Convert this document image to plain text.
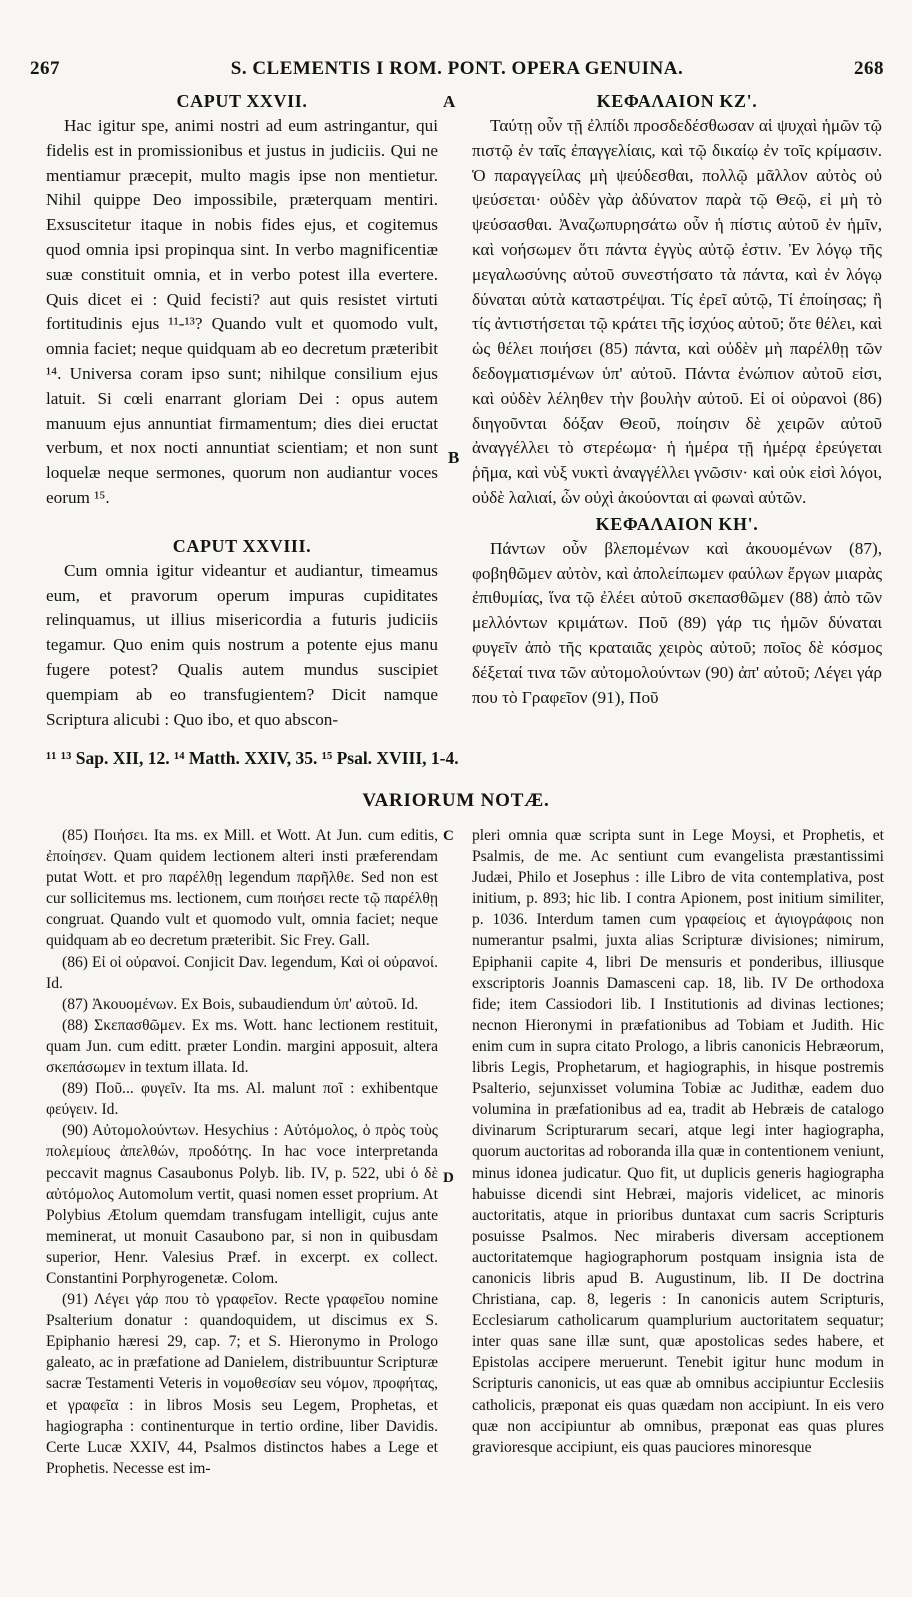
267	S. CLEMENTIS I ROM. PONT. OPERA GENUINA.	268

CAPUT XXVII.

Hac igitur spe, animi nostri ad eum astringantur, qui fidelis est in promissionibus et justus in judiciis. Qui ne mentiamur præcepit, multo magis ipse non mentietur. Nihil quippe Deo impossibile, præterquam mentiri. Exsuscitetur itaque in nobis fides ejus, et cogitemus quod omnia ipsi propinqua sint. In verbo magnificentiæ suæ constituit omnia, et in verbo potest illa evertere. Quis dicet ei : Quid fecisti? aut quis resistet virtuti fortitudinis ejus ¹¹-¹³? Quando vult et quomodo vult, omnia faciet; neque quidquam ab eo decretum præteribit ¹⁴. Universa coram ipso sunt; nihilque consilium ejus latuit. Si cœli enarrant gloriam Dei : opus autem manuum ejus annuntiat firmamentum; dies diei eructat verbum, et nox nocti annuntiat scientiam; et non sunt loquelæ neque sermones, quorum non audiantur voces eorum ¹⁵.

CAPUT XXVIII.

Cum omnia igitur videantur et audiantur, timeamus eum, et pravorum operum impuras cupiditates relinquamus, ut illius misericordia a futuris judiciis tegamur. Quo enim quis nostrum a potente ejus manu fugere potest? Qualis autem mundus suscipiet quempiam ab eo transfugientem? Dicit namque Scriptura alicubi : Quo ibo, et quo abscon-

A
B

ΚΕΦΑΛΑΙΟΝ ΚΖ'.

Ταύτῃ οὖν τῇ ἐλπίδι προσδεδέσθωσαν αἱ ψυχαὶ ἡμῶν τῷ πιστῷ ἐν ταῖς ἐπαγγελίαις, καὶ τῷ δικαίῳ ἐν τοῖς κρίμασιν. Ὁ παραγγείλας μὴ ψεύδεσθαι, πολλῷ μᾶλλον αὐτὸς οὐ ψεύσεται· οὐδὲν γὰρ ἀδύνατον παρὰ τῷ Θεῷ, εἰ μὴ τὸ ψεύσασθαι. Ἀναζωπυρησάτω οὖν ἡ πίστις αὐτοῦ ἐν ἡμῖν, καὶ νοήσωμεν ὅτι πάντα ἐγγὺς αὐτῷ ἐστιν. Ἐν λόγῳ τῆς μεγαλωσύνης αὐτοῦ συνεστήσατο τὰ πάντα, καὶ ἐν λόγῳ δύναται αὐτὰ καταστρέψαι. Τίς ἐρεῖ αὐτῷ, Τί ἐποίησας; ἢ τίς ἀντιστήσεται τῷ κράτει τῆς ἰσχύος αὐτοῦ; ὅτε θέλει, καὶ ὡς θέλει ποιήσει (85) πάντα, καὶ οὐδὲν μὴ παρέλθῃ τῶν δεδογματισμένων ὑπ' αὐτοῦ. Πάντα ἐνώπιον αὐτοῦ εἰσι, καὶ οὐδὲν λέληθεν τὴν βουλὴν αὐτοῦ. Εἰ οἱ οὐρανοὶ (86) διηγοῦνται δόξαν Θεοῦ, ποίησιν δὲ χειρῶν αὐτοῦ ἀναγγέλλει τὸ στερέωμα· ἡ ἡμέρα τῇ ἡμέρᾳ ἐρεύγεται ῥῆμα, καὶ νὺξ νυκτὶ ἀναγγέλλει γνῶσιν· καὶ οὐκ εἰσὶ λόγοι, οὐδὲ λαλιαί, ὧν οὐχὶ ἀκούονται αἱ φωναὶ αὐτῶν.

ΚΕΦΑΛΑΙΟΝ ΚΗ'.

Πάντων οὖν βλεπομένων καὶ ἀκουομένων (87), φοβηθῶμεν αὐτὸν, καὶ ἀπολείπωμεν φαύλων ἔργων μιαρὰς ἐπιθυμίας, ἵνα τῷ ἐλέει αὐτοῦ σκεπασθῶμεν (88) ἀπὸ τῶν μελλόντων κριμάτων. Ποῦ (89) γάρ τις ἡμῶν δύναται φυγεῖν ἀπὸ τῆς κραταιᾶς χειρὸς αὐτοῦ; ποῖος δὲ κόσμος δέξεταί τινα τῶν αὐτομολούντων (90) ἀπ' αὐτοῦ; Λέγει γάρ που τὸ Γραφεῖον (91), Ποῦ

¹¹ ¹³ Sap. XII, 12. ¹⁴ Matth. XXIV, 35. ¹⁵ Psal. XVIII, 1-4.
VARIORUM NOTÆ.
C
D

(85) Ποιήσει. Ita ms. ex Mill. et Wott. At Jun. cum editis, ἐποίησεν. Quam quidem lectionem alteri insti præferendam putat Wott. et pro παρέλθῃ legendum παρῆλθε. Sed non est cur sollicitemus ms. lectionem, cum ποιήσει recte τῷ παρέλθῃ congruat. Quando vult et quomodo vult, omnia faciet; neque quidquam ab eo decretum præteribit. Sic Frey. Gall.

(86) Εἰ οἱ οὐρανοί. Conjicit Dav. legendum, Καὶ οἱ οὐρανοί. Id.

(87) Ἀκουομένων. Ex Bois, subaudiendum ὑπ' αὐτοῦ. Id.

(88) Σκεπασθῶμεν. Ex ms. Wott. hanc lectionem restituit, quam Jun. cum editt. præter Londin. margini apposuit, altera σκεπάσωμεν in textum illata. Id.

(89) Ποῦ... φυγεῖν. Ita ms. Al. malunt ποῖ : exhibentque φεύγειν. Id.

(90) Αὐτομολούντων. Hesychius : Αὐτόμολος, ὁ πρὸς τοὺς πολεμίους ἀπελθών, προδότης. In hac voce interpretanda peccavit magnus Casaubonus Polyb. lib. IV, p. 522, ubi ὁ δὲ αὐτόμολος Automolum vertit, quasi nomen esset proprium. At Polybius Ætolum quemdam transfugam intelligit, cujus ante meminerat, ut monuit Casaubono par, si non in quibusdam superior, Henr. Valesius Præf. in excerpt. ex collect. Constantini Porphyrogenetæ. Colom.

(91) Λέγει γάρ που τὸ γραφεῖον. Recte γραφεῖου nomine Psalterium donatur : quandoquidem, ut discimus ex S. Epiphanio hæresi 29, cap. 7; et S. Hieronymo in Prologo galeato, ac in præfatione ad Danielem, distribuuntur Scripturæ sacræ Testamenti Veteris in νομοθεσίαν seu νόμον, προφήτας, et γραφεῖα : in libros Mosis seu Legem, Prophetas, et hagiographa : continenturque in tertio ordine, liber Davidis. Certe Lucæ XXIV, 44, Psalmos distinctos habes a Lege et Prophetis. Necesse est im-

pleri omnia quæ scripta sunt in Lege Moysi, et Prophetis, et Psalmis, de me. Ac sentiunt cum evangelista præstantissimi Judæi, Philo et Josephus : ille Libro de vita contemplativa, post initium, p. 893; hic lib. I contra Apionem, post initium similiter, p. 1036. Interdum tamen cum γραφείοις et ἁγιογράφοις non numerantur psalmi, juxta alias Scripturæ divisiones; nimirum, Epiphanii capite 4, libri De mensuris et ponderibus, illiusque exscriptoris Joannis Damasceni cap. 18, lib. IV De orthodoxa fide; item Cassiodori lib. I Institutionis ad divinas lectiones; necnon Hieronymi in præfationibus ad Tobiam et Judith. Hic enim cum in supra citato Prologo, a libris canonicis Hebræorum, libris Legis, Prophetarum, et hagiographis, in hisque postremis Psalterio, sejunxisset volumina Tobiæ ac Judithæ, eadem duo volumina in præfationibus ad ea, tradit ab Hebræis de catalogo divinarum Scripturarum secari, atque legi inter hagiographa, quorum auctoritas ad roboranda illa quæ in contentionem veniunt, minus idonea judicatur. Quo fit, ut duplicis generis hagiographa habuisse dicendi sint Hebræi, majoris videlicet, ac minoris auctoritatis, atque in prioribus duntaxat cum sacris Scripturis posuisse Psalmos. Nec miraberis diversam acceptionem auctoritatemque hagiographorum postquam insignia ista de canonicis libris apud B. Augustinum, lib. II De doctrina Christiana, cap. 8, legeris : In canonicis autem Scripturis, Ecclesiarum catholicarum quamplurium auctoritatem sequatur; inter quas sane illæ sunt, quæ apostolicas sedes habere, et Epistolas accipere meruerunt. Tenebit igitur hunc modum in Scripturis canonicis, ut eas quæ ab omnibus accipiuntur Ecclesiis catholicis, præponat eis quas quædam non accipiunt. In eis vero quæ non accipiuntur ab omnibus, præponat eas quas plures gravioresque accipiunt, eis quas pauciores minoresque
